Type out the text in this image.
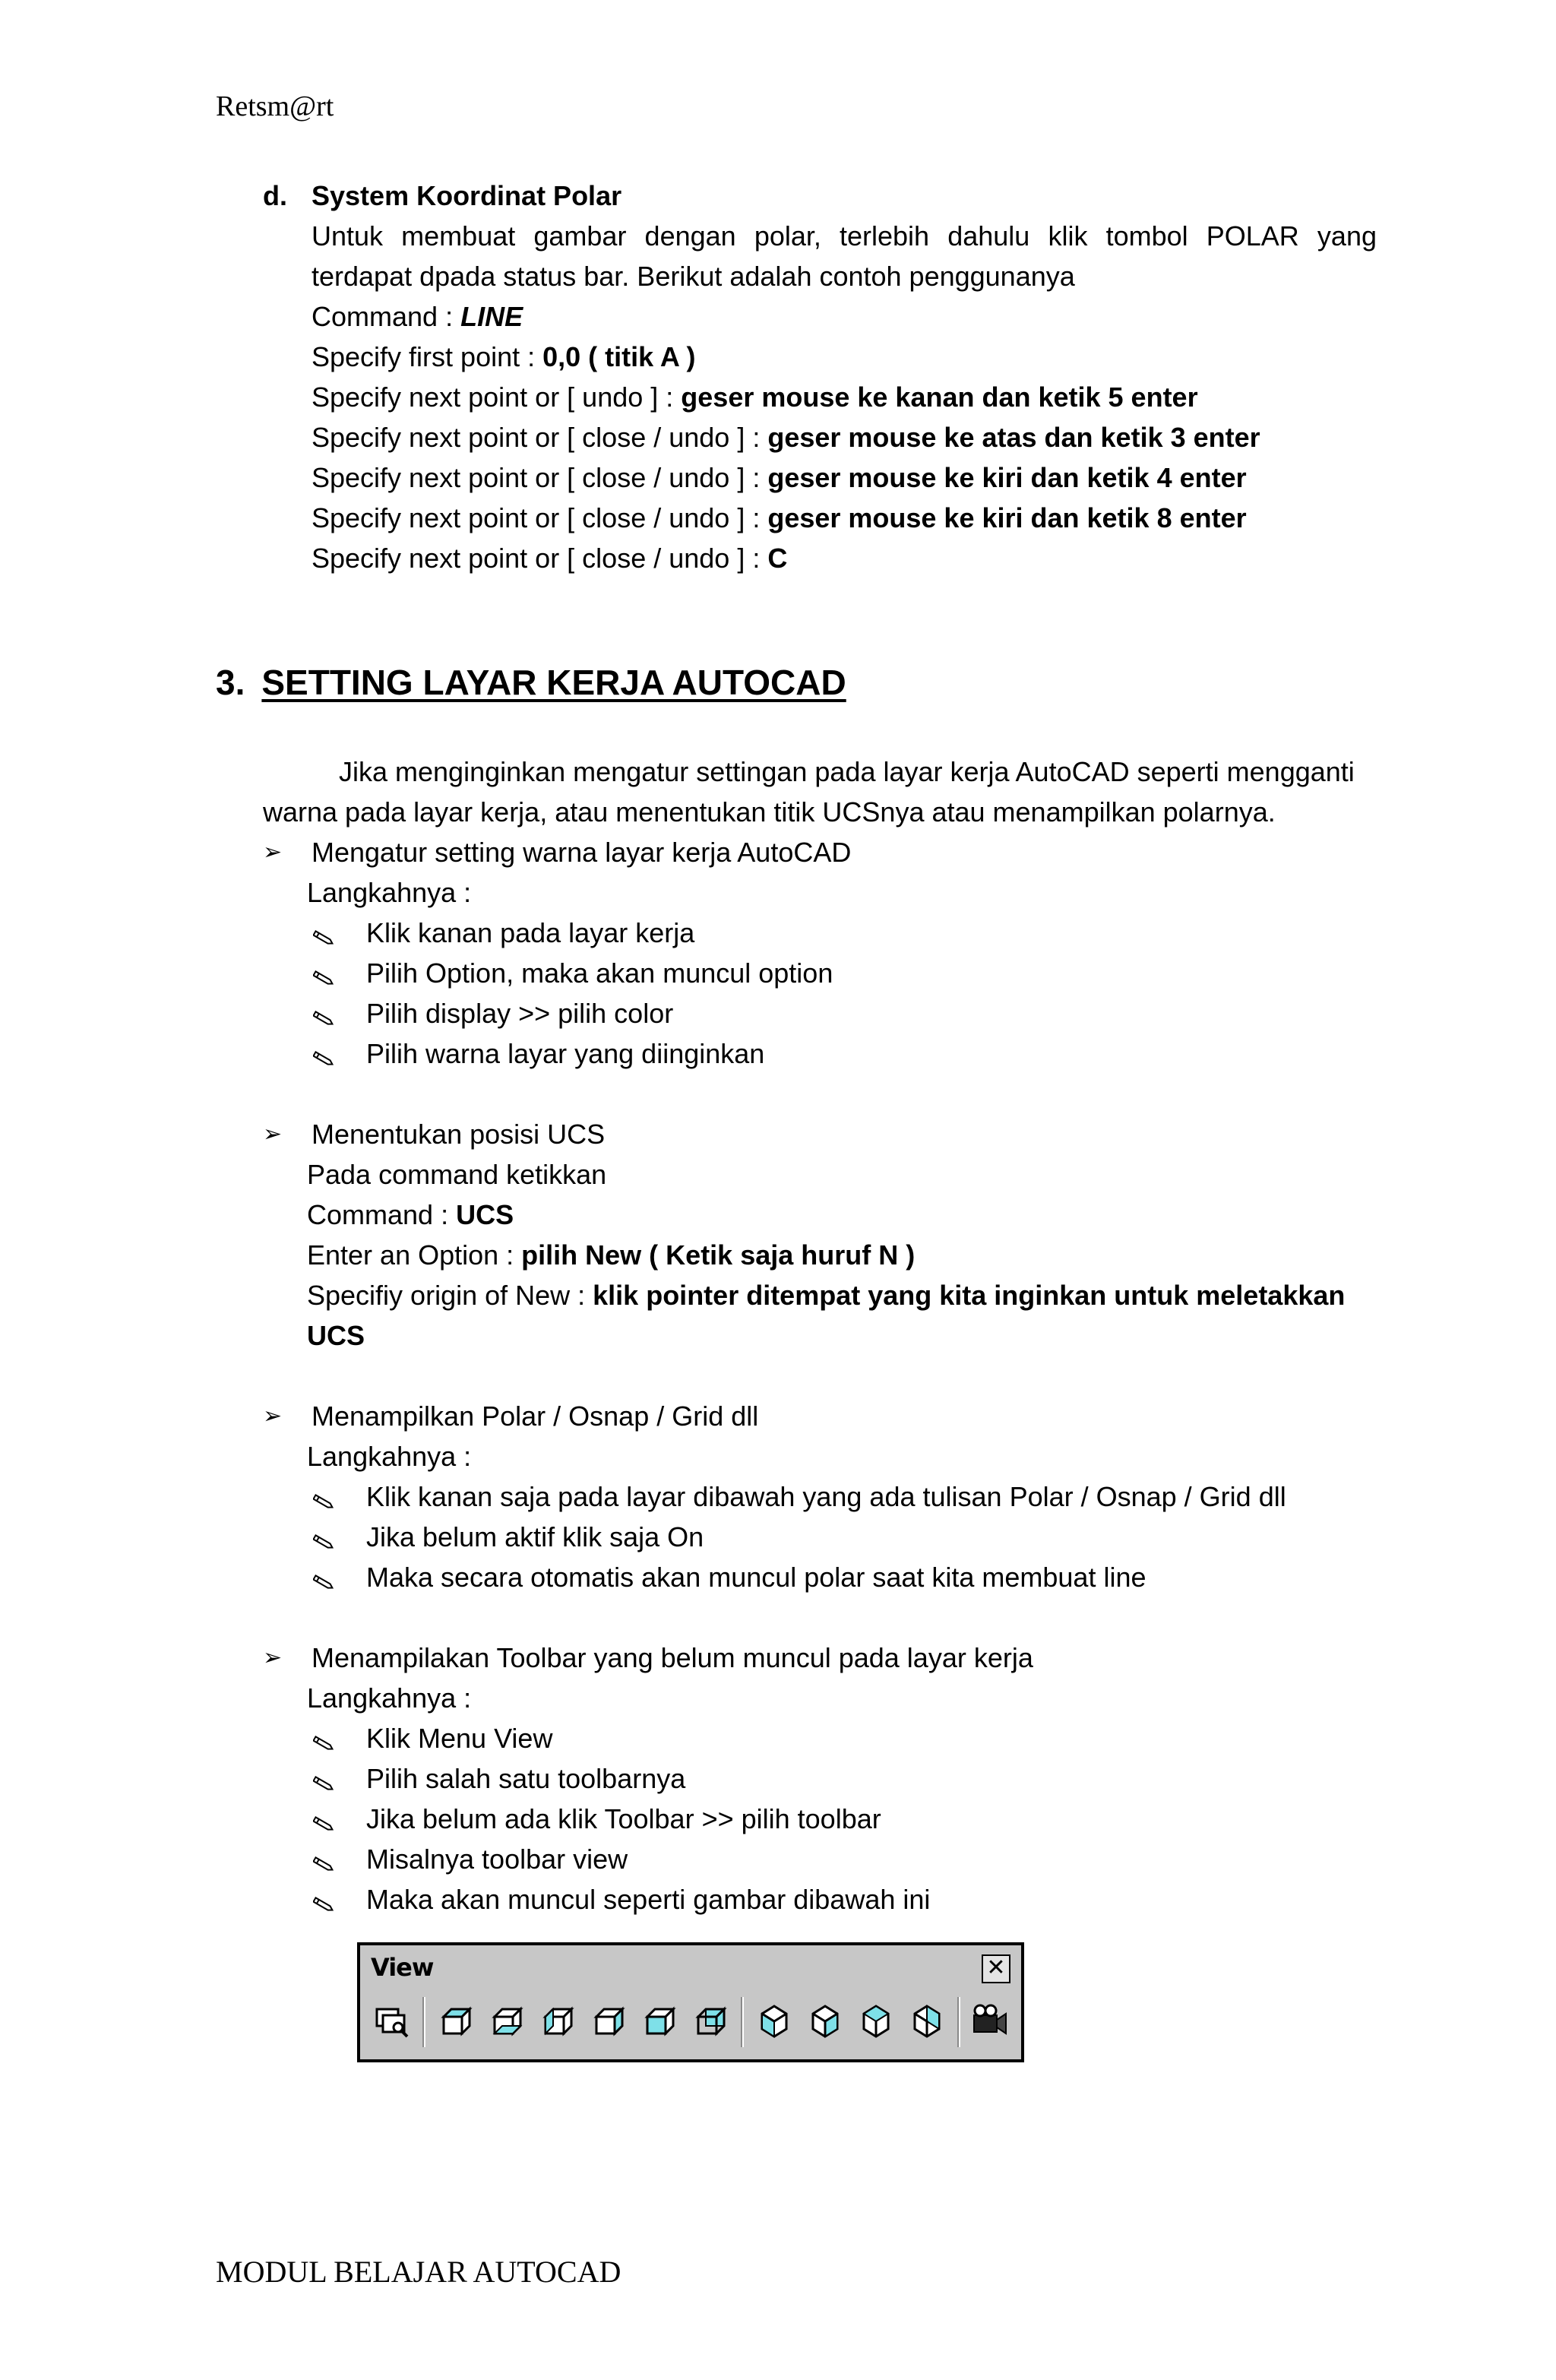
Retsm@rt
d. System Koordinat Polar
Untuk membuat gambar dengan polar, terlebih dahulu klik tombol POLAR yang
terdapat dpada status bar. Berikut adalah contoh penggunanya
Command : LINE
Specify first point : 0,0 ( titik A )
Specify next point or [ undo ] : geser mouse ke kanan dan ketik 5 enter
Specify next point or [ close / undo ] : geser mouse ke atas dan ketik 3 enter
Specify next point or [ close / undo ] : geser mouse ke kiri dan ketik 4 enter
Specify next point or [ close / undo ] : geser mouse ke kiri dan ketik 8 enter
Specify next point or [ close / undo ] : C
3. SETTING LAYAR KERJA AUTOCAD
Jika menginginkan mengatur settingan pada layar kerja AutoCAD seperti mengganti
warna pada layar kerja, atau menentukan titik UCSnya atau menampilkan polarnya.
➢ Mengatur setting warna layar kerja AutoCAD
Langkahnya :
Klik kanan pada layar kerja
Pilih Option, maka akan muncul option
Pilih display >> pilih color
Pilih warna layar yang diinginkan
➢ Menentukan posisi UCS
Pada command ketikkan
Command : UCS
Enter an Option : pilih New ( Ketik saja huruf N )
Specifiy origin of New : klik pointer ditempat yang kita inginkan untuk meletakkan
UCS
➢ Menampilkan Polar / Osnap / Grid dll
Langkahnya :
Klik kanan saja pada layar dibawah yang ada tulisan Polar / Osnap / Grid dll
Jika belum aktif klik saja On
Maka secara otomatis akan muncul polar saat kita membuat line
➢ Menampilakan Toolbar yang belum muncul pada layar kerja
Langkahnya :
Klik Menu View
Pilih salah satu toolbarnya
Jika belum ada klik Toolbar >> pilih toolbar
Misalnya toolbar view
Maka akan muncul seperti gambar dibawah ini
View	✕
MODUL BELAJAR AUTOCAD
